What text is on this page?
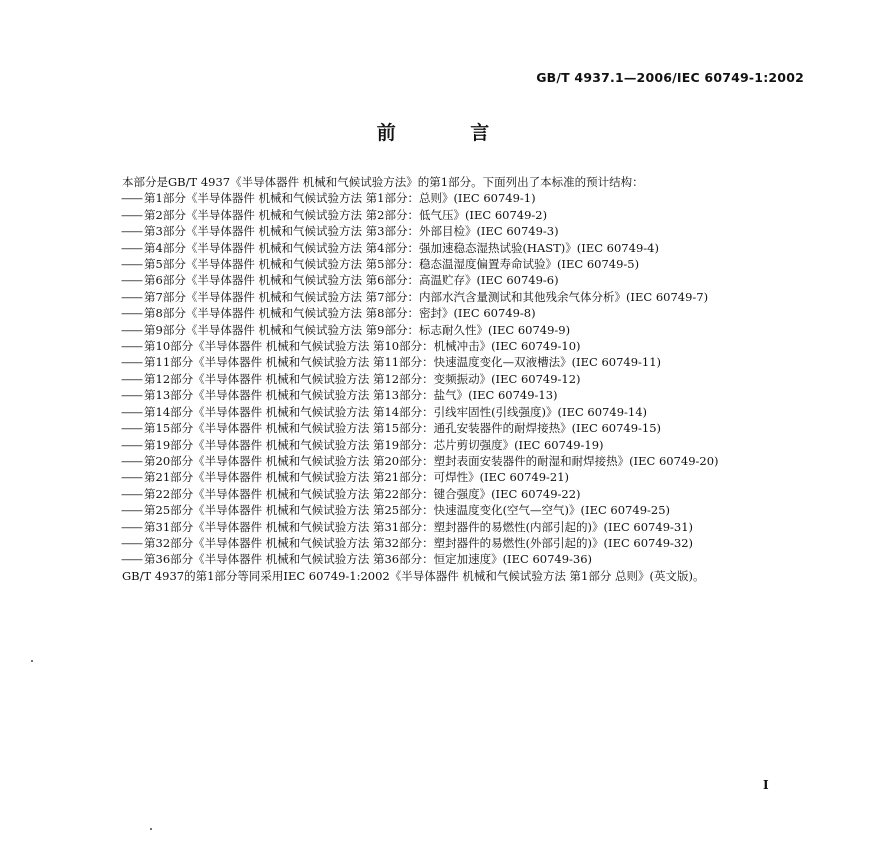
GB/T 4937.1—2006/IEC 60749-1:2002
前 言

本部分是GB/T 4937《半导体器件 机械和气候试验方法》的第1部分。下面列出了本标准的预计结构：

—— 第1部分《半导体器件 机械和气候试验方法 第1部分：总则》(IEC 60749-1)
—— 第2部分《半导体器件 机械和气候试验方法 第2部分：低气压》(IEC 60749-2)
—— 第3部分《半导体器件 机械和气候试验方法 第3部分：外部目检》(IEC 60749-3)
—— 第4部分《半导体器件 机械和气候试验方法 第4部分：强加速稳态湿热试验(HAST)》(IEC 60749-4)
—— 第5部分《半导体器件 机械和气候试验方法 第5部分：稳态温湿度偏置寿命试验》(IEC 60749-5)
—— 第6部分《半导体器件 机械和气候试验方法 第6部分：高温贮存》(IEC 60749-6)
—— 第7部分《半导体器件 机械和气候试验方法 第7部分：内部水汽含量测试和其他残余气体分析》(IEC 60749-7)
—— 第8部分《半导体器件 机械和气候试验方法 第8部分：密封》(IEC 60749-8)
—— 第9部分《半导体器件 机械和气候试验方法 第9部分：标志耐久性》(IEC 60749-9)
—— 第10部分《半导体器件 机械和气候试验方法 第10部分：机械冲击》(IEC 60749-10)
—— 第11部分《半导体器件 机械和气候试验方法 第11部分：快速温度变化—双液槽法》(IEC 60749-11)
—— 第12部分《半导体器件 机械和气候试验方法 第12部分：变频振动》(IEC 60749-12)
—— 第13部分《半导体器件 机械和气候试验方法 第13部分：盐气》(IEC 60749-13)
—— 第14部分《半导体器件 机械和气候试验方法 第14部分：引线牢固性(引线强度)》(IEC 60749-14)
—— 第15部分《半导体器件 机械和气候试验方法 第15部分：通孔安装器件的耐焊接热》(IEC 60749-15)
—— 第19部分《半导体器件 机械和气候试验方法 第19部分：芯片剪切强度》(IEC 60749-19)
—— 第20部分《半导体器件 机械和气候试验方法 第20部分：塑封表面安装器件的耐湿和耐焊接热》(IEC 60749-20)
—— 第21部分《半导体器件 机械和气候试验方法 第21部分：可焊性》(IEC 60749-21)
—— 第22部分《半导体器件 机械和气候试验方法 第22部分：键合强度》(IEC 60749-22)
—— 第25部分《半导体器件 机械和气候试验方法 第25部分：快速温度变化(空气—空气)》(IEC 60749-25)
—— 第31部分《半导体器件 机械和气候试验方法 第31部分：塑封器件的易燃性(内部引起的)》(IEC 60749-31)
—— 第32部分《半导体器件 机械和气候试验方法 第32部分：塑封器件的易燃性(外部引起的)》(IEC 60749-32)
—— 第36部分《半导体器件 机械和气候试验方法 第36部分：恒定加速度》(IEC 60749-36)

GB/T 4937的第1部分等同采用IEC 60749-1:2002《半导体器件 机械和气候试验方法 第1部分 总则》(英文版)。

I
